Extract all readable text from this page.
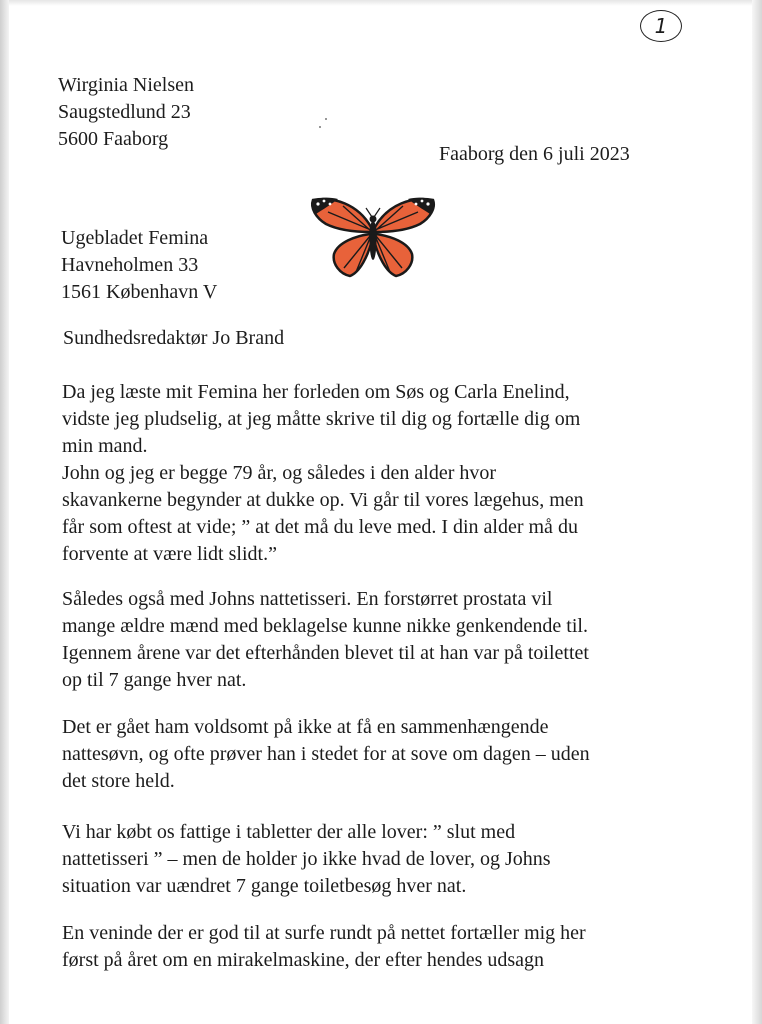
1
Wirginia Nielsen
Saugstedlund 23
5600 Faaborg
Faaborg den 6 juli 2023
Ugebladet Femina
Havneholmen 33
1561 København V
Sundhedsredaktør Jo Brand
Da jeg læste mit Femina her forleden om Søs og Carla Enelind,
vidste jeg pludselig, at jeg måtte skrive til dig og fortælle dig om
min mand.
John og jeg er begge 79 år, og således i den alder hvor
skavankerne begynder at dukke op. Vi går til vores lægehus, men
får som oftest at vide; ” at det må du leve med. I din alder må du
forvente at være lidt slidt.”
Således også med Johns nattetisseri. En forstørret prostata vil
mange ældre mænd med beklagelse kunne nikke genkendende til.
Igennem årene var det efterhånden blevet til at han var på toilettet
op til 7 gange hver nat.
Det er gået ham voldsomt på ikke at få en sammenhængende
nattesøvn, og ofte prøver han i stedet for at sove om dagen – uden
det store held.
Vi har købt os fattige i tabletter der alle lover: ” slut med
nattetisseri ” – men de holder jo ikke hvad de lover, og Johns
situation var uændret 7 gange toiletbesøg hver nat.
En veninde der er god til at surfe rundt på nettet fortæller mig her
først på året om en mirakelmaskine, der efter hendes udsagn
